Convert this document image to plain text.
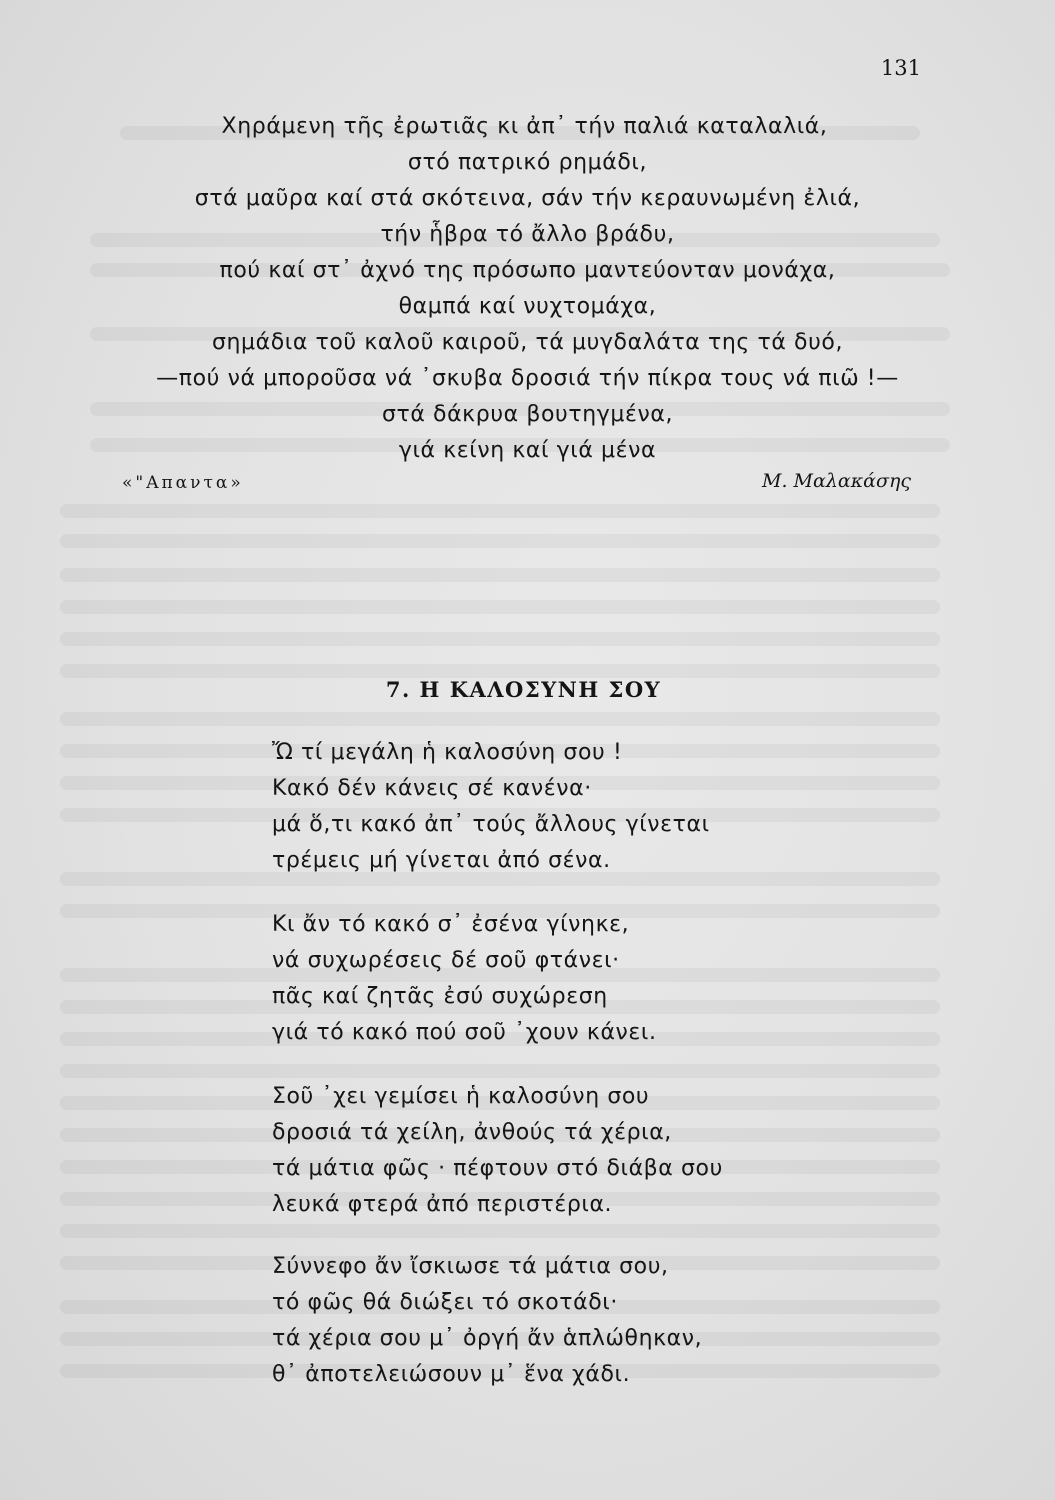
131
Χηράμενη τῆς ἐρωτιᾶς κι ἀπ᾿ τήν παλιά καταλαλιά,
στό πατρικό ρημάδι,
στά μαῦρα καί στά σκότεινα, σάν τήν κεραυνωμένη ἐλιά,
τήν ἧβρα τό ἄλλο βράδυ,
πού καί στ᾿ ἀχνό της πρόσωπο μαντεύονταν μονάχα,
θαμπά καί νυχτομάχα,
σημάδια τοῦ καλοῦ καιροῦ, τά μυγδαλάτα της τά δυό,
—πού νά μποροῦσα νά ᾿σκυβα δροσιά τήν πίκρα τους νά πιῶ !—
στά δάκρυα βουτηγμένα,
γιά κείνη καί γιά μένα
«"Απαντα»	Μ. Μαλακάσης
7. Η ΚΑΛΟΣΥΝΗ ΣΟΥ
Ὤ τί μεγάλη ἡ καλοσύνη σου !
Κακό δέν κάνεις σέ κανένα·
μά ὅ,τι κακό ἀπ᾿ τούς ἄλλους γίνεται
τρέμεις μή γίνεται ἀπό σένα.
Κι ἄν τό κακό σ᾿ ἐσένα γίνηκε,
νά συχωρέσεις δέ σοῦ φτάνει·
πᾶς καί ζητᾶς ἐσύ συχώρεση
γιά τό κακό πού σοῦ ᾿χουν κάνει.
Σοῦ ᾿χει γεμίσει ἡ καλοσύνη σου
δροσιά τά χείλη, ἀνθούς τά χέρια,
τά μάτια φῶς · πέφτουν στό διάβα σου
λευκά φτερά ἀπό περιστέρια.
Σύννεφο ἄν ἴσκιωσε τά μάτια σου,
τό φῶς θά διώξει τό σκοτάδι·
τά χέρια σου μ᾿ ὀργή ἄν ἁπλώθηκαν,
θ᾿ ἀποτελειώσουν μ᾿ ἕνα χάδι.
